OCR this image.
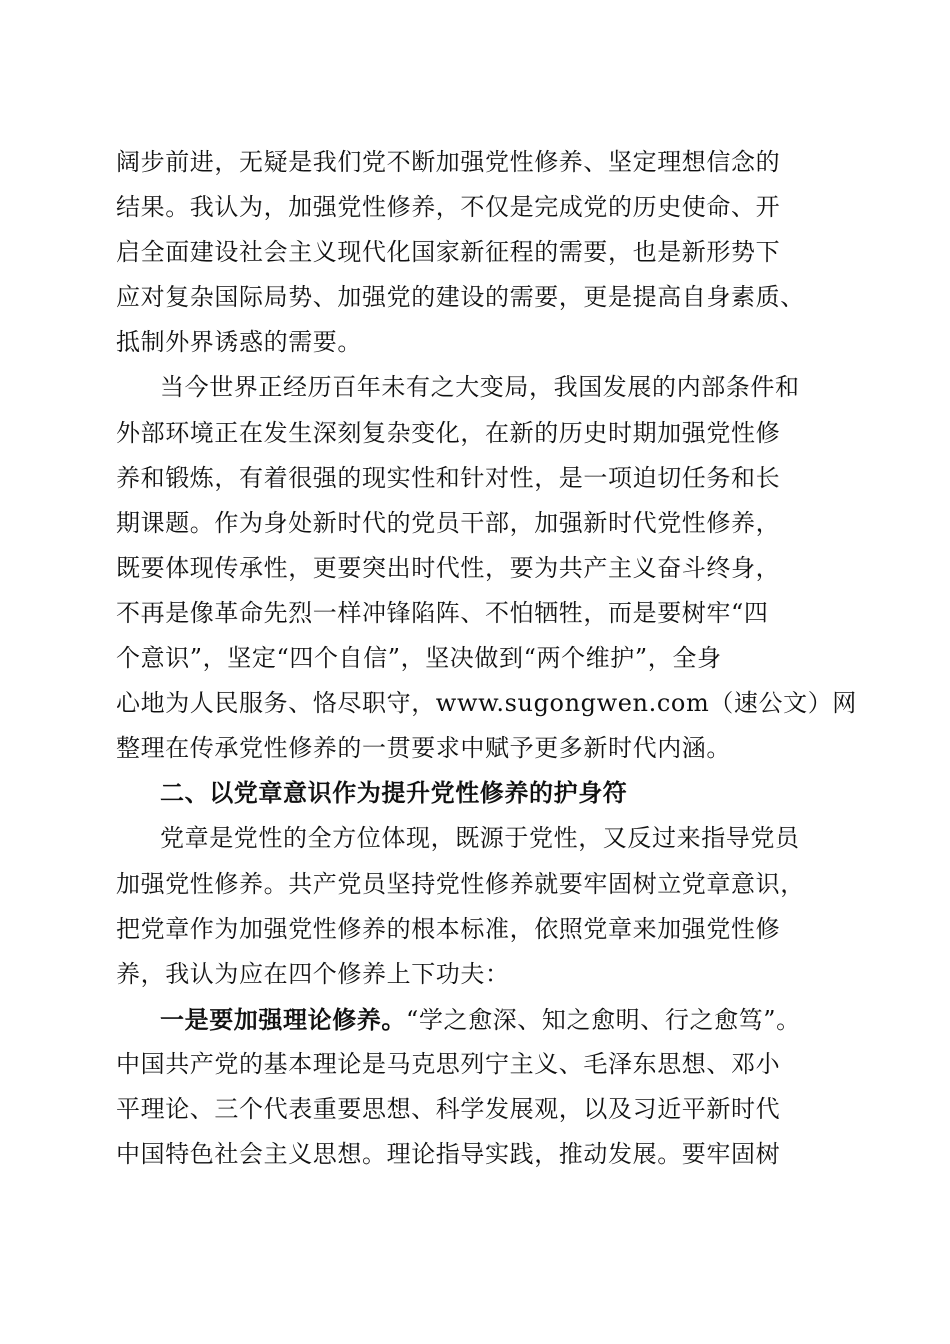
阔步前进，无疑是我们党不断加强党性修养、坚定理想信念的
结果。我认为，加强党性修养，不仅是完成党的历史使命、开
启全面建设社会主义现代化国家新征程的需要，也是新形势下
应对复杂国际局势、加强党的建设的需要，更是提高自身素质、
抵制外界诱惑的需要。
当今世界正经历百年未有之大变局，我国发展的内部条件和
外部环境正在发生深刻复杂变化，在新的历史时期加强党性修
养和锻炼，有着很强的现实性和针对性，是一项迫切任务和长
期课题。作为身处新时代的党员干部，加强新时代党性修养，
既要体现传承性，更要突出时代性，要为共产主义奋斗终身，
不再是像革命先烈一样冲锋陷阵、不怕牺牲，而是要树牢“四
个意识”，坚定“四个自信”，坚决做到“两个维护”，全身
心地为人民服务、恪尽职守，www.sugongwen.com（速公文）网
整理在传承党性修养的一贯要求中赋予更多新时代内涵。
二、以党章意识作为提升党性修养的护身符
党章是党性的全方位体现，既源于党性，又反过来指导党员
加强党性修养。共产党员坚持党性修养就要牢固树立党章意识，
把党章作为加强党性修养的根本标准，依照党章来加强党性修
养，我认为应在四个修养上下功夫：
一是要加强理论修养。“学之愈深、知之愈明、行之愈笃”。
中国共产党的基本理论是马克思列宁主义、毛泽东思想、邓小
平理论、三个代表重要思想、科学发展观，以及习近平新时代
中国特色社会主义思想。理论指导实践，推动发展。要牢固树
